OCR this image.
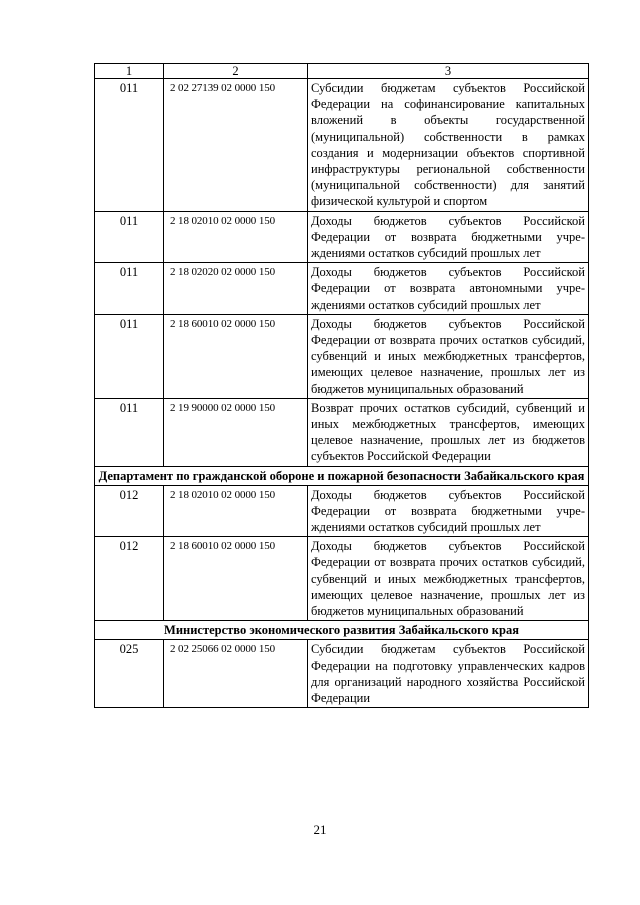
1	2	3
011	2 02 27139 02 0000 150	Субсидии бюджетам субъектов Российской Федерации на софинансирование капитальных вложений в объекты государственной (муниципальной) собственности в рамках создания и модернизации объектов спортивной инфраструктуры региональной собственности (муниципальной собственности) для занятий физической культурой и спортом
011	2 18 02010 02 0000 150	Доходы бюджетов субъектов Российской Федерации от возврата бюджетными учреждениями остатков субсидий прошлых лет
011	2 18 02020 02 0000 150	Доходы бюджетов субъектов Российской Федерации от возврата автономными учреждениями остатков субсидий прошлых лет
011	2 18 60010 02 0000 150	Доходы бюджетов субъектов Российской Федерации от возврата прочих остатков субсидий, субвенций и иных межбюджетных трансфертов, имеющих целевое назначение, прошлых лет из бюджетов муниципальных образований
011	2 19 90000 02 0000 150	Возврат прочих остатков субсидий, субвенций и иных межбюджетных трансфертов, имеющих целевое назначение, прошлых лет из бюджетов субъектов Российской Федерации
Департамент по гражданской обороне и пожарной безопасности Забайкальского края		
012	2 18 02010 02 0000 150	Доходы бюджетов субъектов Российской Федерации от возврата бюджетными учреждениями остатков субсидий прошлых лет
012	2 18 60010 02 0000 150	Доходы бюджетов субъектов Российской Федерации от возврата прочих остатков субсидий, субвенций и иных межбюджетных трансфертов, имеющих целевое назначение, прошлых лет из бюджетов муниципальных образований
Министерство экономического развития Забайкальского края		
025	2 02 25066 02 0000 150	Субсидии бюджетам субъектов Российской Федерации на подготовку управленческих кадров для организаций народного хозяйства Российской Федерации
21
